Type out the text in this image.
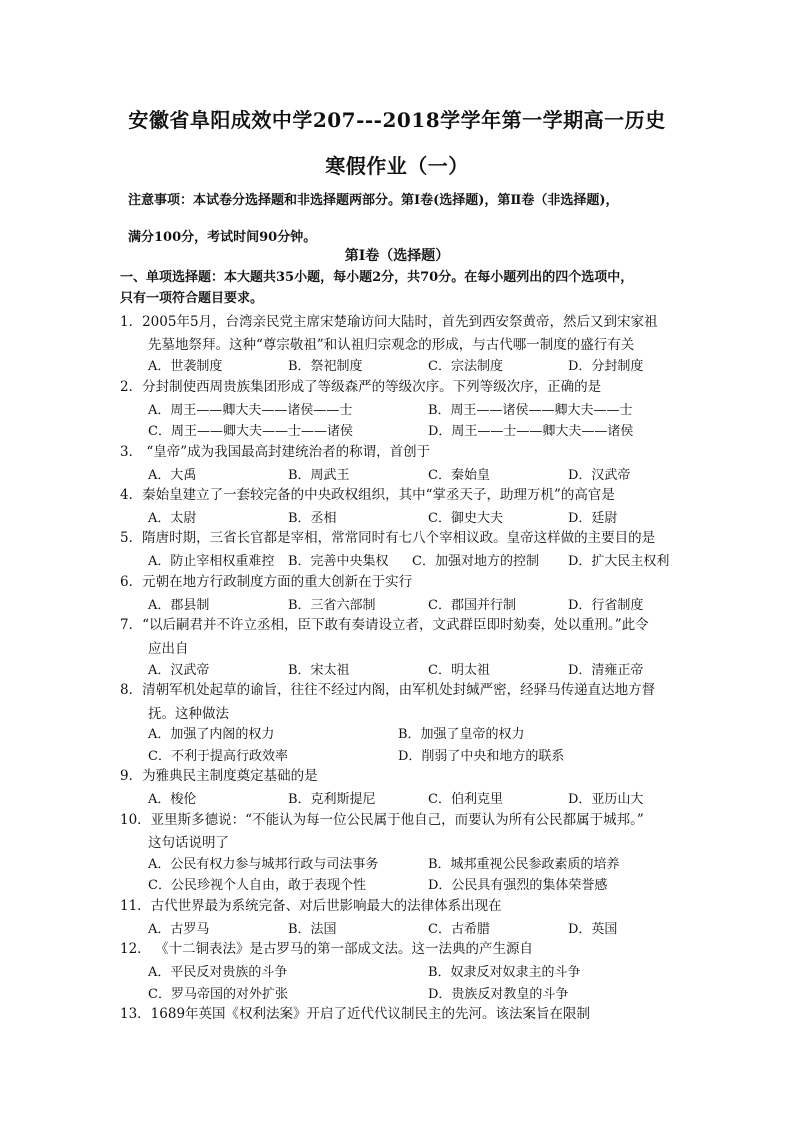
安徽省阜阳成效中学207---2018学学年第一学期高一历史
寒假作业（一）
注意事项：本试卷分选择题和非选择题两部分。第Ⅰ卷(选择题)，第Ⅱ卷（非选择题)，
满分100分，考试时间90分钟。
第Ⅰ卷（选择题）
一、单项选择题：本大题共35小题，每小题2分，共70分。在每小题列出的四个选项中，
只有一项符合题目要求。
1．2005年5月，台湾亲民党主席宋楚瑜访问大陆时，首先到西安祭黄帝，然后又到宋家祖
先墓地祭拜。这种“尊宗敬祖”和认祖归宗观念的形成，与古代哪一制度的盛行有关
A．世袭制度	B．祭祀制度	C．宗法制度	D．分封制度
2．分封制使西周贵族集团形成了等级森严的等级次序。下列等级次序，正确的是
A．周王——卿大夫——诸侯——士	B．周王——诸侯——卿大夫——士
C．周王——卿大夫——士——诸侯	D．周王——士——卿大夫——诸侯
3． “皇帝”成为我国最高封建统治者的称谓，首创于
A．大禹	B．周武王	C．秦始皇	D．汉武帝
4．秦始皇建立了一套较完备的中央政权组织，其中“掌丞天子，助理万机”的高官是
A．太尉	B．丞相	C．御史大夫	D．廷尉
5．隋唐时期，三省长官都是宰相，常常同时有七八个宰相议政。皇帝这样做的主要目的是
A．防止宰相权重难控 B．完善中央集权 C．加强对地方的控制 D．扩大民主权利
6．元朝在地方行政制度方面的重大创新在于实行
A．郡县制	B．三省六部制	C．郡国并行制	D．行省制度
7．“以后嗣君并不许立丞相，臣下敢有奏请设立者，文武群臣即时劾奏，处以重刑。”此令
应出自
A．汉武帝	B．宋太祖	C．明太祖	D．清雍正帝
8．清朝军机处起草的谕旨，往往不经过内阁，由军机处封缄严密，经驿马传递直达地方督
抚。这种做法
A．加强了内阁的权力	B．加强了皇帝的权力
C．不利于提高行政效率	D．削弱了中央和地方的联系
9．为雅典民主制度奠定基础的是
A．梭伦	B．克利斯提尼	C．伯利克里	D．亚历山大
10．亚里斯多德说：“不能认为每一位公民属于他自己，而要认为所有公民都属于城邦。”
这句话说明了
A．公民有权力参与城邦行政与司法事务	B．城邦重视公民参政素质的培养
C．公民珍视个人自由，敢于表现个性	D．公民具有强烈的集体荣誉感
11．古代世界最为系统完备、对后世影响最大的法律体系出现在
A．古罗马	B．法国	C．古希腊	D．英国
12． 《十二铜表法》是古罗马的第一部成文法。这一法典的产生源自
A．平民反对贵族的斗争	B．奴隶反对奴隶主的斗争
C．罗马帝国的对外扩张	D．贵族反对教皇的斗争
13．1689年英国《权利法案》开启了近代代议制民主的先河。该法案旨在限制
